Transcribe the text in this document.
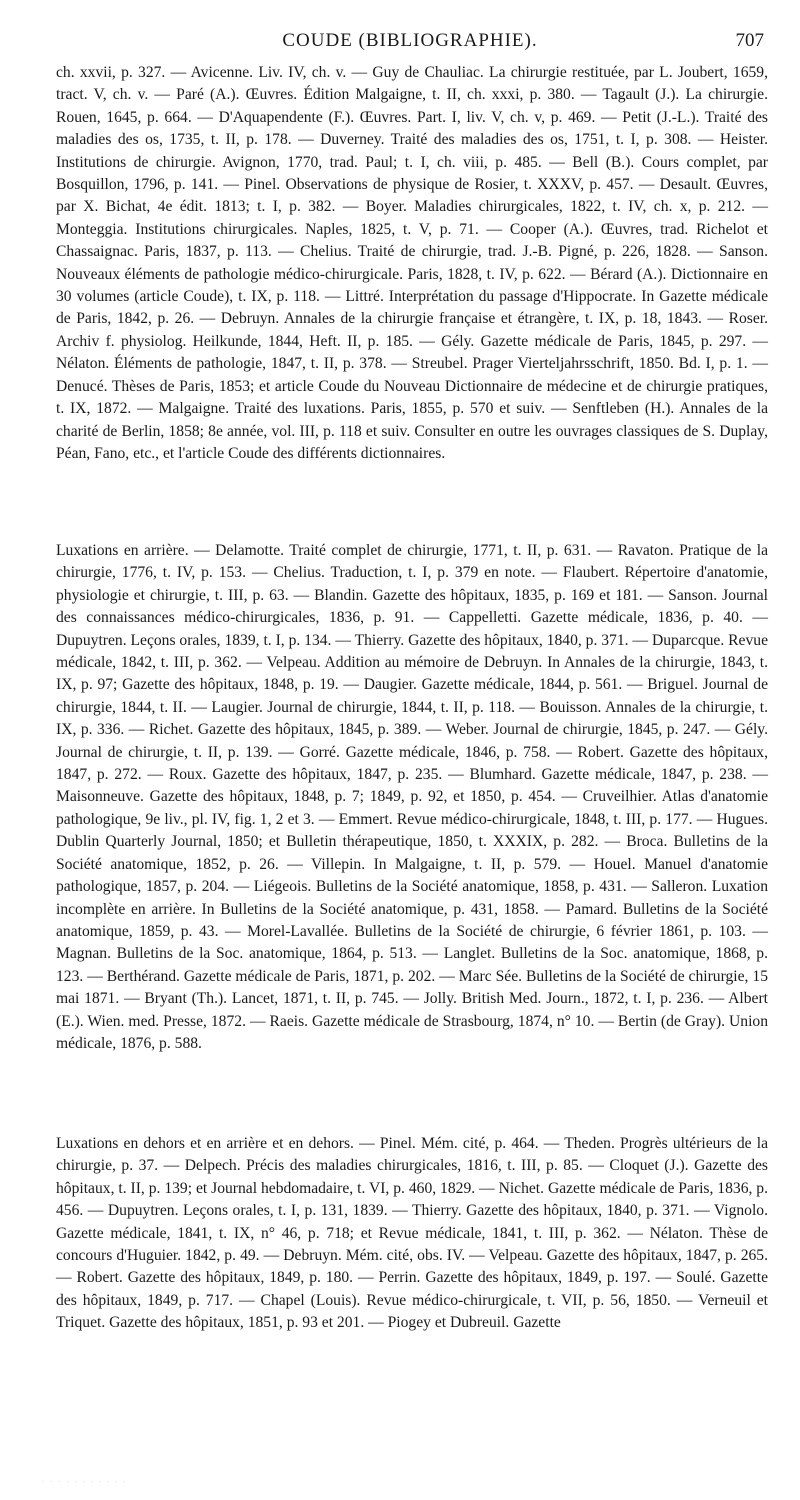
COUDE (BIBLIOGRAPHIE).	707

ch. xxvii, p. 327. — Avicenne. Liv. IV, ch. v. — Guy de Chauliac. La chirurgie restituée, par L. Joubert, 1659, tract. V, ch. v. — Paré (A.). Œuvres. Édition Malgaigne, t. II, ch. xxxi, p. 380. — Tagault (J.). La chirurgie. Rouen, 1645, p. 664. — D'Aquapendente (F.). Œuvres. Part. I, liv. V, ch. v, p. 469. — Petit (J.-L.). Traité des maladies des os, 1735, t. II, p. 178. — Duverney. Traité des maladies des os, 1751, t. I, p. 308. — Heister. Institutions de chirurgie. Avignon, 1770, trad. Paul; t. I, ch. viii, p. 485. — Bell (B.). Cours complet, par Bosquillon, 1796, p. 141. — Pinel. Observations de physique de Rosier, t. XXXV, p. 457. — Desault. Œuvres, par X. Bichat, 4e édit. 1813; t. I, p. 382. — Boyer. Maladies chirurgicales, 1822, t. IV, ch. x, p. 212. — Monteggia. Institutions chirurgicales. Naples, 1825, t. V, p. 71. — Cooper (A.). Œuvres, trad. Richelot et Chassaignac. Paris, 1837, p. 113. — Chelius. Traité de chirurgie, trad. J.-B. Pigné, p. 226, 1828. — Sanson. Nouveaux éléments de pathologie médico-chirurgicale. Paris, 1828, t. IV, p. 622. — Bérard (A.). Dictionnaire en 30 volumes (article Coude), t. IX, p. 118. — Littré. Interprétation du passage d'Hippocrate. In Gazette médicale de Paris, 1842, p. 26. — Debruyn. Annales de la chirurgie française et étrangère, t. IX, p. 18, 1843. — Roser. Archiv f. physiolog. Heilkunde, 1844, Heft. II, p. 185. — Gély. Gazette médicale de Paris, 1845, p. 297. — Nélaton. Éléments de pathologie, 1847, t. II, p. 378. — Streubel. Prager Vierteljahrsschrift, 1850. Bd. I, p. 1. — Denucé. Thèses de Paris, 1853; et article Coude du Nouveau Dictionnaire de médecine et de chirurgie pratiques, t. IX, 1872. — Malgaigne. Traité des luxations. Paris, 1855, p. 570 et suiv. — Senftleben (H.). Annales de la charité de Berlin, 1858; 8e année, vol. III, p. 118 et suiv. Consulter en outre les ouvrages classiques de S. Duplay, Péan, Fano, etc., et l'article Coude des différents dictionnaires.

Luxations en arrière. — Delamotte. Traité complet de chirurgie, 1771, t. II, p. 631. — Ravaton. Pratique de la chirurgie, 1776, t. IV, p. 153. — Chelius. Traduction, t. I, p. 379 en note. — Flaubert. Répertoire d'anatomie, physiologie et chirurgie, t. III, p. 63. — Blandin. Gazette des hôpitaux, 1835, p. 169 et 181. — Sanson. Journal des connaissances médico-chirurgicales, 1836, p. 91. — Cappelletti. Gazette médicale, 1836, p. 40. — Dupuytren. Leçons orales, 1839, t. I, p. 134. — Thierry. Gazette des hôpitaux, 1840, p. 371. — Duparcque. Revue médicale, 1842, t. III, p. 362. — Velpeau. Addition au mémoire de Debruyn. In Annales de la chirurgie, 1843, t. IX, p. 97; Gazette des hôpitaux, 1848, p. 19. — Daugier. Gazette médicale, 1844, p. 561. — Briguel. Journal de chirurgie, 1844, t. II. — Laugier. Journal de chirurgie, 1844, t. II, p. 118. — Bouisson. Annales de la chirurgie, t. IX, p. 336. — Richet. Gazette des hôpitaux, 1845, p. 389. — Weber. Journal de chirurgie, 1845, p. 247. — Gély. Journal de chirurgie, t. II, p. 139. — Gorré. Gazette médicale, 1846, p. 758. — Robert. Gazette des hôpitaux, 1847, p. 272. — Roux. Gazette des hôpitaux, 1847, p. 235. — Blumhard. Gazette médicale, 1847, p. 238. — Maisonneuve. Gazette des hôpitaux, 1848, p. 7; 1849, p. 92, et 1850, p. 454. — Cruveilhier. Atlas d'anatomie pathologique, 9e liv., pl. IV, fig. 1, 2 et 3. — Emmert. Revue médico-chirurgicale, 1848, t. III, p. 177. — Hugues. Dublin Quarterly Journal, 1850; et Bulletin thérapeutique, 1850, t. XXXIX, p. 282. — Broca. Bulletins de la Société anatomique, 1852, p. 26. — Villepin. In Malgaigne, t. II, p. 579. — Houel. Manuel d'anatomie pathologique, 1857, p. 204. — Liégeois. Bulletins de la Société anatomique, 1858, p. 431. — Salleron. Luxation incomplète en arrière. In Bulletins de la Société anatomique, p. 431, 1858. — Pamard. Bulletins de la Société anatomique, 1859, p. 43. — Morel-Lavallée. Bulletins de la Société de chirurgie, 6 février 1861, p. 103. — Magnan. Bulletins de la Soc. anatomique, 1864, p. 513. — Langlet. Bulletins de la Soc. anatomique, 1868, p. 123. — Berthérand. Gazette médicale de Paris, 1871, p. 202. — Marc Sée. Bulletins de la Société de chirurgie, 15 mai 1871. — Bryant (Th.). Lancet, 1871, t. II, p. 745. — Jolly. British Med. Journ., 1872, t. I, p. 236. — Albert (E.). Wien. med. Presse, 1872. — Raeis. Gazette médicale de Strasbourg, 1874, n° 10. — Bertin (de Gray). Union médicale, 1876, p. 588.

Luxations en dehors et en arrière et en dehors. — Pinel. Mém. cité, p. 464. — Theden. Progrès ultérieurs de la chirurgie, p. 37. — Delpech. Précis des maladies chirurgicales, 1816, t. III, p. 85. — Cloquet (J.). Gazette des hôpitaux, t. II, p. 139; et Journal hebdomadaire, t. VI, p. 460, 1829. — Nichet. Gazette médicale de Paris, 1836, p. 456. — Dupuytren. Leçons orales, t. I, p. 131, 1839. — Thierry. Gazette des hôpitaux, 1840, p. 371. — Vignolo. Gazette médicale, 1841, t. IX, n° 46, p. 718; et Revue médicale, 1841, t. III, p. 362. — Nélaton. Thèse de concours d'Huguier. 1842, p. 49. — Debruyn. Mém. cité, obs. IV. — Velpeau. Gazette des hôpitaux, 1847, p. 265. — Robert. Gazette des hôpitaux, 1849, p. 180. — Perrin. Gazette des hôpitaux, 1849, p. 197. — Soulé. Gazette des hôpitaux, 1849, p. 717. — Chapel (Louis). Revue médico-chirurgicale, t. VII, p. 56, 1850. — Verneuil et Triquet. Gazette des hôpitaux, 1851, p. 93 et 201. — Piogey et Dubreuil. Gazette

· · · · · · · · · · ·
